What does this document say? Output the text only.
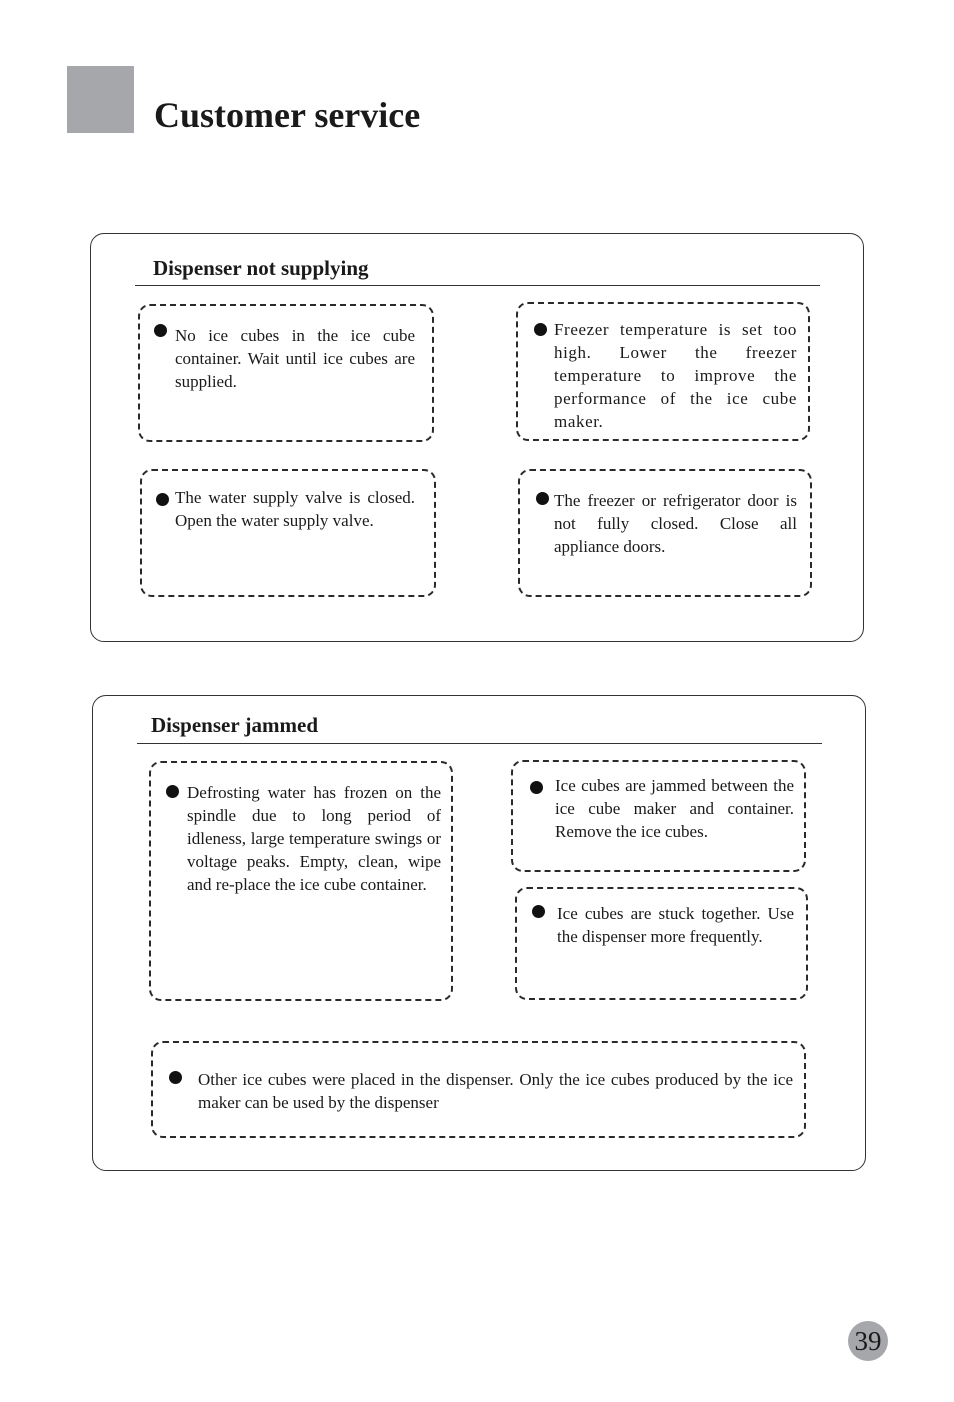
Customer service
Dispenser not supplying

No ice cubes in the ice cube container. Wait until ice cubes are supplied.

Freezer temperature is set too high. Lower the freezer temperature to improve the performance of the ice cube maker.

The water supply valve is closed. Open the water supply valve.

The freezer or refrigerator door is not fully closed. Close all appliance doors.

Dispenser jammed

Defrosting water has frozen on the spindle due to long period of idleness, large temperature swings or voltage peaks. Empty, clean, wipe and re-place the ice cube container.

Ice cubes are jammed between the ice cube maker and container. Remove the ice cubes.

Ice cubes are stuck together. Use the dispenser more frequently.

Other ice cubes were placed in the dispenser. Only the ice cubes produced by the ice maker can be used by the dispenser

39
